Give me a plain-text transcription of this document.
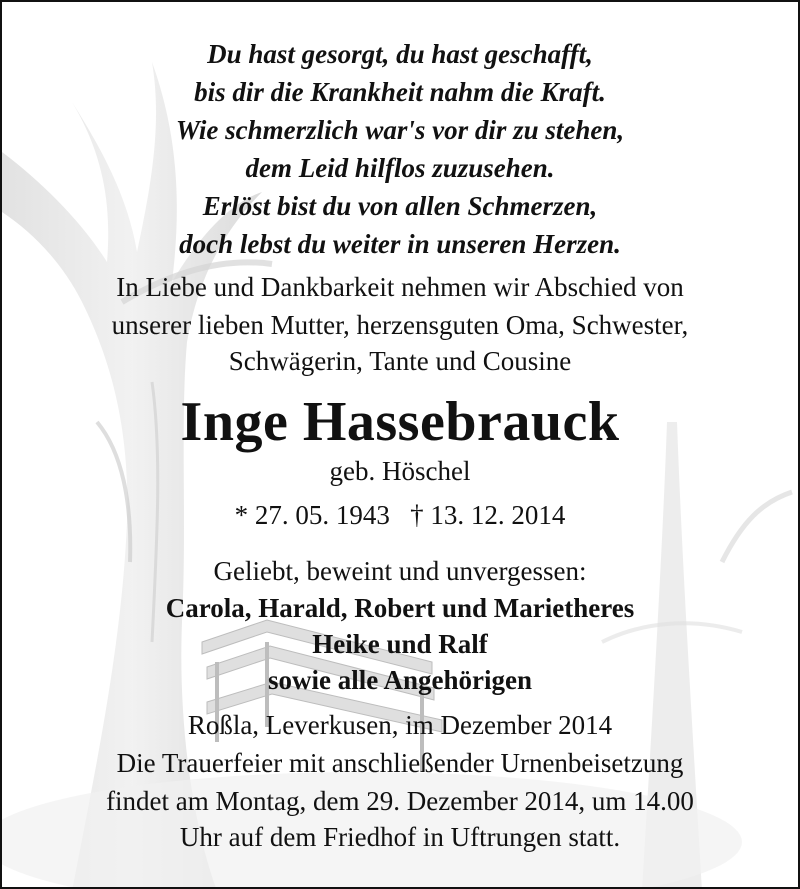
Du hast gesorgt, du hast geschafft,
bis dir die Krankheit nahm die Kraft.
Wie schmerzlich war's vor dir zu stehen,
dem Leid hilflos zuzusehen.
Erlöst bist du von allen Schmerzen,
doch lebst du weiter in unseren Herzen.
In Liebe und Dankbarkeit nehmen wir Abschied von
unserer lieben Mutter, herzensguten Oma, Schwester,
Schwägerin, Tante und Cousine
Inge Hassebrauck
geb. Höschel
* 27. 05. 1943   † 13. 12. 2014
Geliebt, beweint und unvergessen:
Carola, Harald, Robert und Marietheres
Heike und Ralf
sowie alle Angehörigen
Roßla, Leverkusen, im Dezember 2014
Die Trauerfeier mit anschließender Urnenbeisetzung
findet am Montag, dem 29. Dezember 2014, um 14.00
Uhr auf dem Friedhof in Uftrungen statt.
